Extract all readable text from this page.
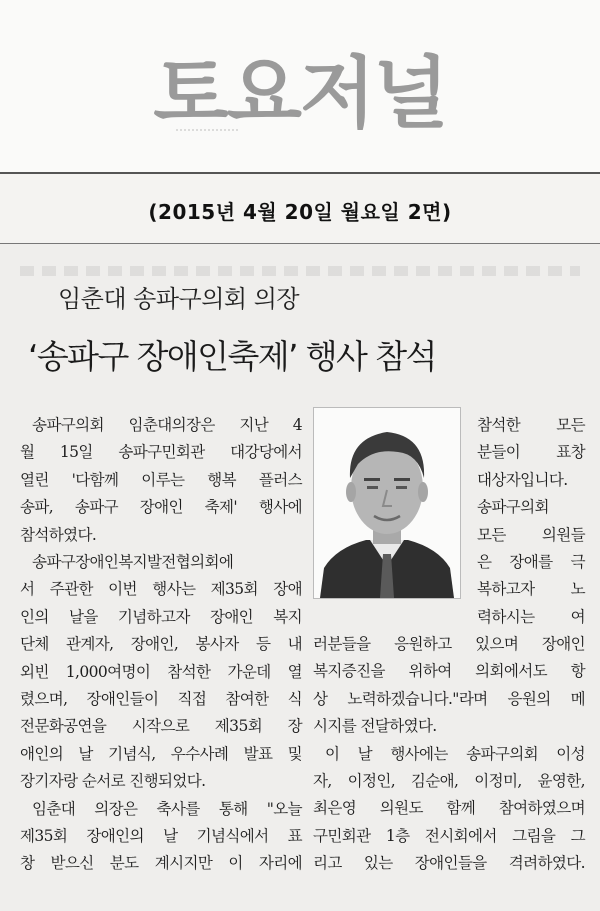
토요저널
(2015년 4월 20일 월요일 2면)
임춘대 송파구의회 의장
‘송파구 장애인축제’ 행사 참석
송파구의회 임춘대의장은 지난 4
월 15일 송파구민회관 대강당에서
열린 '다함께 이루는 행복 플러스
송파, 송파구 장애인 축제' 행사에
참석하였다.
송파구장애인복지발전협의회에
서 주관한 이번 행사는 제35회 장애
인의 날을 기념하고자 장애인 복지
단체 관계자, 장애인, 봉사자 등 내
외빈 1,000여명이 참석한 가운데 열
렸으며, 장애인들이 직접 참여한 식
전문화공연을 시작으로 제35회 장
애인의 날 기념식, 우수사례 발표 및
장기자랑 순서로 진행되었다.
임춘대 의장은 축사를 통해 "오늘
제35회 장애인의 날 기념식에서 표
창 받으신 분도 계시지만 이 자리에
참석한 모든
분들이 표창
대상자입니다.
송파구의회
모든 의원들
은 장애를 극
복하고자 노
력하시는 여
러분들을 응원하고 있으며 장애인
복지증진을 위하여 의회에서도 항
상 노력하겠습니다."라며 응원의 메
시지를 전달하였다.
이 날 행사에는 송파구의회 이성
자, 이정인, 김순애, 이정미, 윤영한,
최은영 의원도 함께 참여하였으며
구민회관 1층 전시회에서 그림을 그
리고 있는 장애인들을 격려하였다.
